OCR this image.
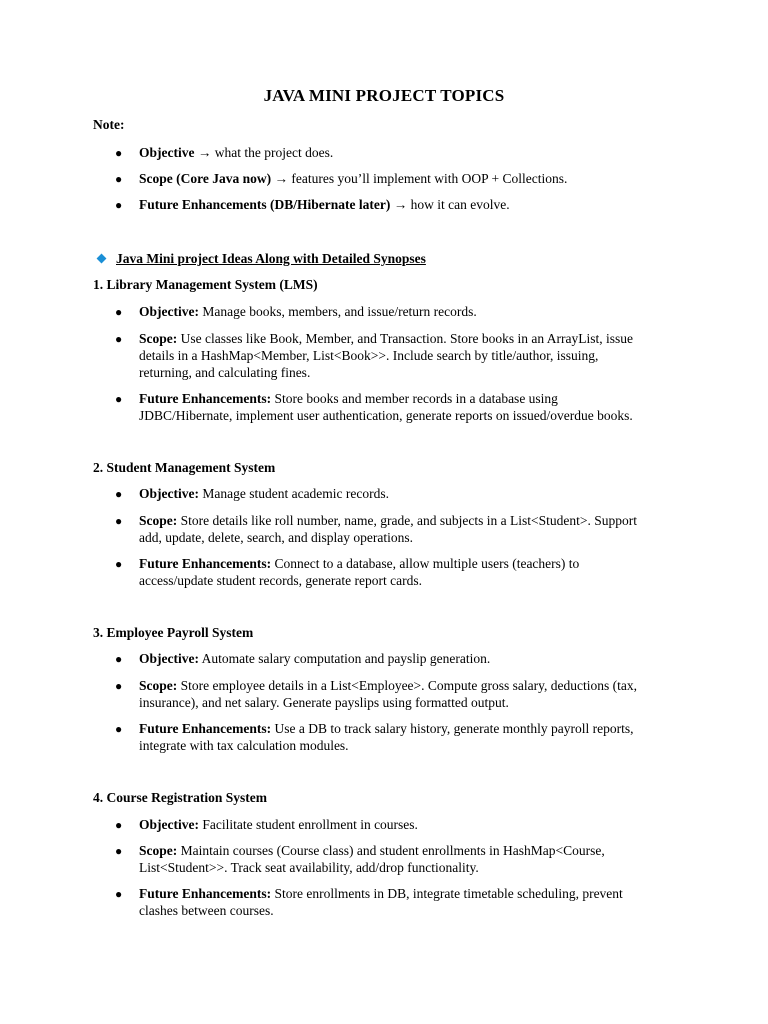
JAVA MINI PROJECT TOPICS
Note:
● Objective → what the project does.
● Scope (Core Java now) → features you’ll implement with OOP + Collections.
● Future Enhancements (DB/Hibernate later) → how it can evolve.
Java Mini project Ideas Along with Detailed Synopses
1. Library Management System (LMS)
● Objective: Manage books, members, and issue/return records.
● Scope: Use classes like Book, Member, and Transaction. Store books in an ArrayList, issue
details in a HashMap<Member, List<Book>>. Include search by title/author, issuing,
returning, and calculating fines.
● Future Enhancements: Store books and member records in a database using
JDBC/Hibernate, implement user authentication, generate reports on issued/overdue books.
2. Student Management System
● Objective: Manage student academic records.
● Scope: Store details like roll number, name, grade, and subjects in a List<Student>. Support
add, update, delete, search, and display operations.
● Future Enhancements: Connect to a database, allow multiple users (teachers) to
access/update student records, generate report cards.
3. Employee Payroll System
● Objective: Automate salary computation and payslip generation.
● Scope: Store employee details in a List<Employee>. Compute gross salary, deductions (tax,
insurance), and net salary. Generate payslips using formatted output.
● Future Enhancements: Use a DB to track salary history, generate monthly payroll reports,
integrate with tax calculation modules.
4. Course Registration System
● Objective: Facilitate student enrollment in courses.
● Scope: Maintain courses (Course class) and student enrollments in HashMap<Course,
List<Student>>. Track seat availability, add/drop functionality.
● Future Enhancements: Store enrollments in DB, integrate timetable scheduling, prevent
clashes between courses.
